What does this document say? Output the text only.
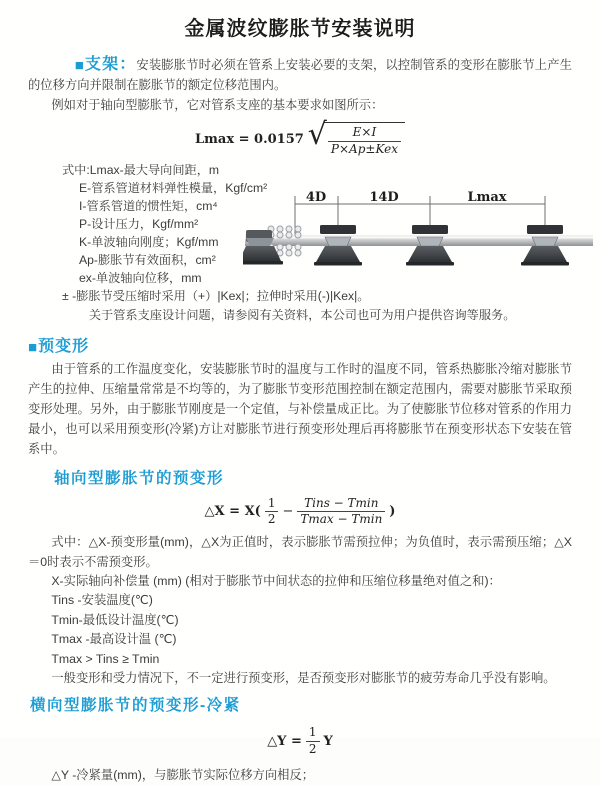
金属波纹膨胀节安装说明

■支架：安装膨胀节时必须在管系上安装必要的支架，以控制管系的变形在膨胀节上产生的位移方向并限制在膨胀节的额定位移范围内。

例如对于轴向型膨胀节，它对管系支座的基本要求如图所示：

Lmax = 0.0157 √ $\frac{E\times I}{\text{P×Ap±Kex}}$
式中:Lmax-最大导向间距，m
E-管系管道材料弹性模量，Kgf/cm²
I-管系管道的惯性矩，cm⁴
P-设计压力，Kgf/mm²
K-单波轴向刚度；Kgf/mm
Ap-膨胀节有效面积，cm²
ex-单波轴向位移，mm
± -膨胀节受压缩时采用（+）|Kex|；拉伸时采用(-)|Kex|。
关于管系支座设计问题，请参阅有关资料，本公司也可为用户提供咨询等服务。
4D	14D	Lmax

■预变形

由于管系的工作温度变化，安装膨胀节时的温度与工作时的温度不同，管系热膨胀冷缩对膨胀节产生的拉伸、压缩量常常是不均等的，为了膨胀节变形范围控制在额定范围内，需要对膨胀节采取预变形处理。另外，由于膨胀节刚度是一个定值，与补偿量成正比。为了使膨胀节位移对管系的作用力最小，也可以采用预变形(冷紧)方让对膨胀节进行预变形处理后再将膨胀节在预变形状态下安装在管系中。

轴向型膨胀节的预变形

△X = $X( \frac{1}{2} - \frac{\text{Tins − Tmin}}{Tmax - Tmin}$ )

式中：△X-预变形量(mm)，△X为正值时，表示膨胀节需预拉伸；为负值时，表示需预压缩；△X＝0时表示不需预变形。

X-实际轴向补偿量 (mm) (相对于膨胀节中间状态的拉伸和压缩位移量绝对值之和)：

Tins -安装温度(℃)

Tmin-最低设计温度(℃)

Tmax -最高设计温 (℃)

Tmax > Tins ≥ Tmin

一般变形和受力情况下，不一定进行预变形，是否预变形对膨胀节的疲劳寿命几乎没有影响。

横向型膨胀节的预变形-冷紧

△Y = $\frac{1}{2}$ Y

△Y -冷紧量(mm)，与膨胀节实际位移方向相反；
